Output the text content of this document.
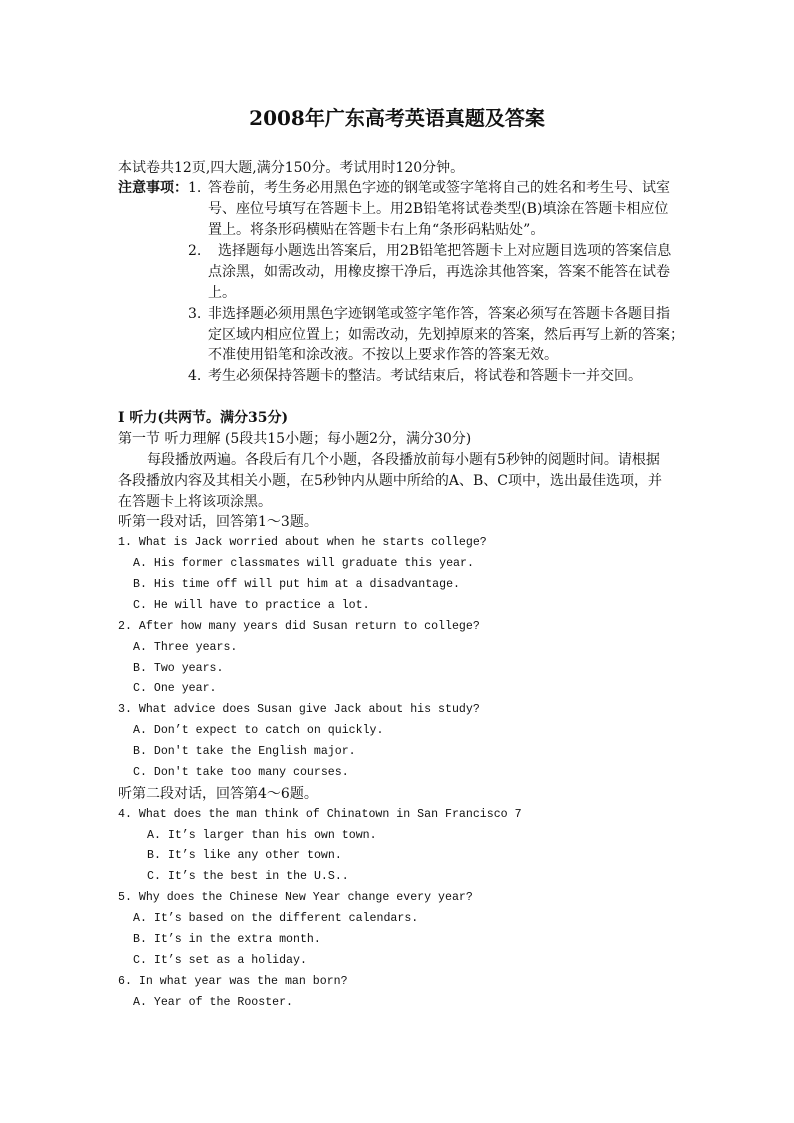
2008年广东高考英语真题及答案
本试卷共12页,四大题,满分150分。考试用时120分钟。
注意事项： 1. 答卷前，考生务必用黑色字迹的钢笔或签字笔将自己的姓名和考生号、试室
号、座位号填写在答题卡上。用2B铅笔将试卷类型(B)填涂在答题卡相应位
置上。将条形码横贴在答题卡右上角“条形码粘贴处”。
2. 选择题每小题选出答案后，用2B铅笔把答题卡上对应题目选项的答案信息
点涂黑，如需改动，用橡皮擦干净后，再选涂其他答案，答案不能答在试卷
上。
3. 非选择题必须用黑色字迹钢笔或签字笔作答，答案必须写在答题卡各题目指
定区域内相应位置上；如需改动，先划掉原来的答案，然后再写上新的答案；
不准使用铅笔和涂改液。不按以上要求作答的答案无效。
4. 考生必须保持答题卡的整洁。考试结束后，将试卷和答题卡一并交回。
I 听力(共两节。满分35分)
第一节 听力理解 (5段共15小题；每小题2分，满分30分)
每段播放两遍。各段后有几个小题，各段播放前每小题有5秒钟的阅题时间。请根据
各段播放内容及其相关小题，在5秒钟内从题中所给的A、B、C项中，选出最佳选项，并
在答题卡上将该项涂黑。
听第一段对话，回答第1～3题。
1. What is Jack worried about when he starts college?
A. His former classmates will graduate this year.
B. His time off will put him at a disadvantage.
C. He will have to practice a lot.
2. After how many years did Susan return to college?
A. Three years.
B. Two years.
C. One year.
3. What advice does Susan give Jack about his study?
A. Don’t expect to catch on quickly.
B. Don't take the English major.
C. Don't take too many courses.
听第二段对话，回答第4～6题。
4. What does the man think of Chinatown in San Francisco 7
A. It’s larger than his own town.
B. It’s like any other town.
C. It’s the best in the U.S..
5. Why does the Chinese New Year change every year?
A. It’s based on the different calendars.
B. It’s in the extra month.
C. It’s set as a holiday.
6. In what year was the man born?
A. Year of the Rooster.
